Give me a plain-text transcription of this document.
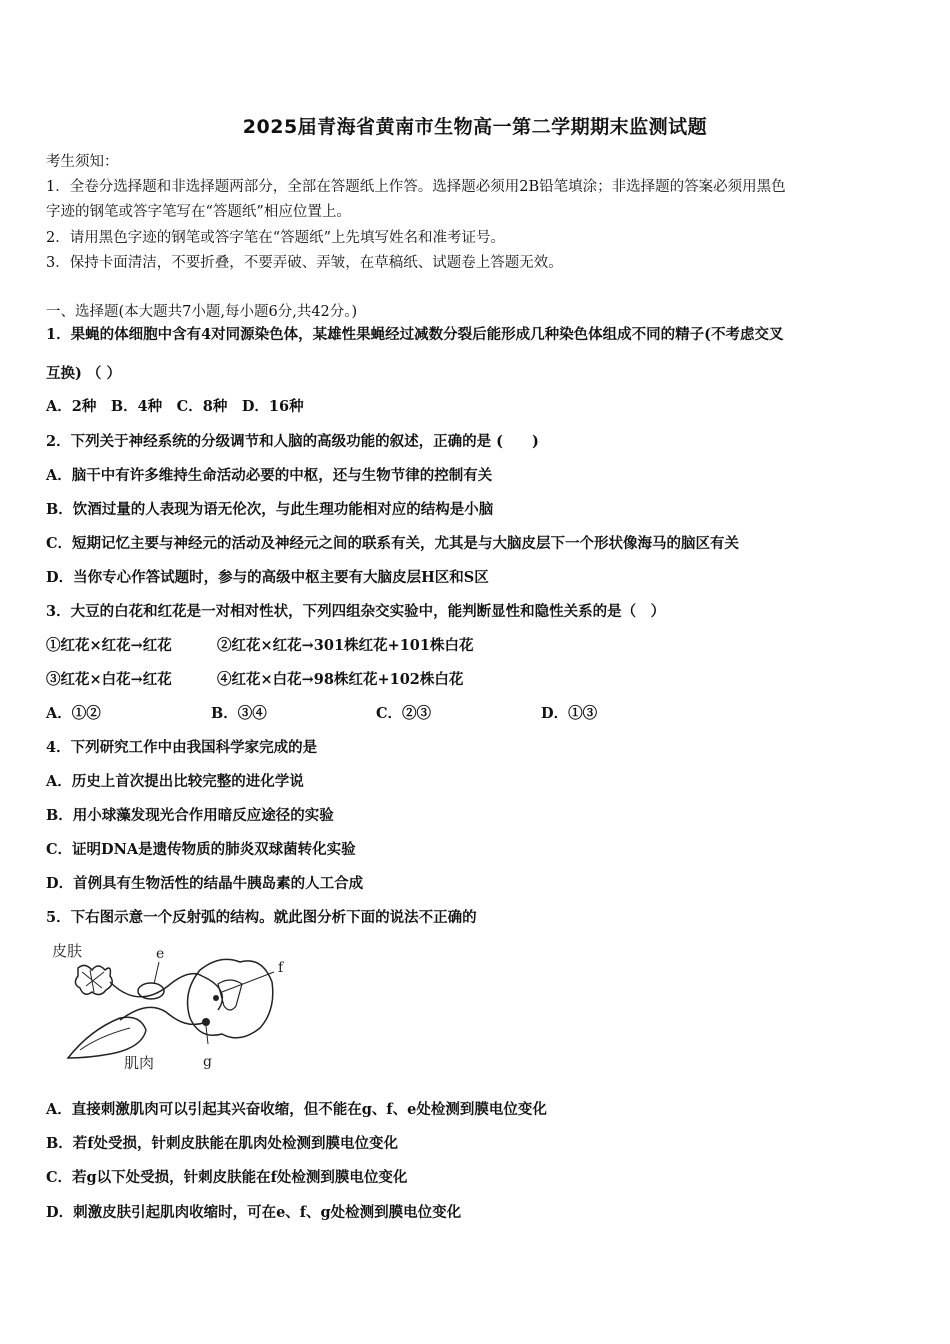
2025届青海省黄南市生物高一第二学期期末监测试题
考生须知：
1．全卷分选择题和非选择题两部分，全部在答题纸上作答。选择题必须用2B铅笔填涂；非选择题的答案必须用黑色
字迹的钢笔或答字笔写在“答题纸”相应位置上。
2．请用黑色字迹的钢笔或答字笔在“答题纸”上先填写姓名和准考证号。
3．保持卡面清洁，不要折叠，不要弄破、弄皱，在草稿纸、试题卷上答题无效。
一、选择题(本大题共7小题,每小题6分,共42分。)
1．果蝇的体细胞中含有4对同源染色体，某雄性果蝇经过减数分裂后能形成几种染色体组成不同的精子(不考虑交叉
互换) （ ）
A．2种　B．4种　C．8种　D．16种
2．下列关于神经系统的分级调节和人脑的高级功能的叙述，正确的是 (　　)
A．脑干中有许多维持生命活动必要的中枢，还与生物节律的控制有关
B．饮酒过量的人表现为语无伦次，与此生理功能相对应的结构是小脑
C．短期记忆主要与神经元的活动及神经元之间的联系有关，尤其是与大脑皮层下一个形状像海马的脑区有关
D．当你专心作答试题时，参与的高级中枢主要有大脑皮层H区和S区
3．大豆的白花和红花是一对相对性状，下列四组杂交实验中，能判断显性和隐性关系的是（　）
①红花×红花→红花	②红花×红花→301株红花+101株白花
③红花×白花→红花	④红花×白花→98株红花+102株白花
A．①②	B．③④	C．②③	D．①③
4．下列研究工作中由我国科学家完成的是
A．历史上首次提出比较完整的进化学说
B．用小球藻发现光合作用暗反应途径的实验
C．证明DNA是遗传物质的肺炎双球菌转化实验
D．首例具有生物活性的结晶牛胰岛素的人工合成
5．下右图示意一个反射弧的结构。就此图分析下面的说法不正确的
皮肤	e
f
肌肉	g
A．直接刺激肌肉可以引起其兴奋收缩，但不能在g、f、e处检测到膜电位变化
B．若f处受损，针刺皮肤能在肌肉处检测到膜电位变化
C．若g以下处受损，针刺皮肤能在f处检测到膜电位变化
D．刺激皮肤引起肌肉收缩时，可在e、f、g处检测到膜电位变化
